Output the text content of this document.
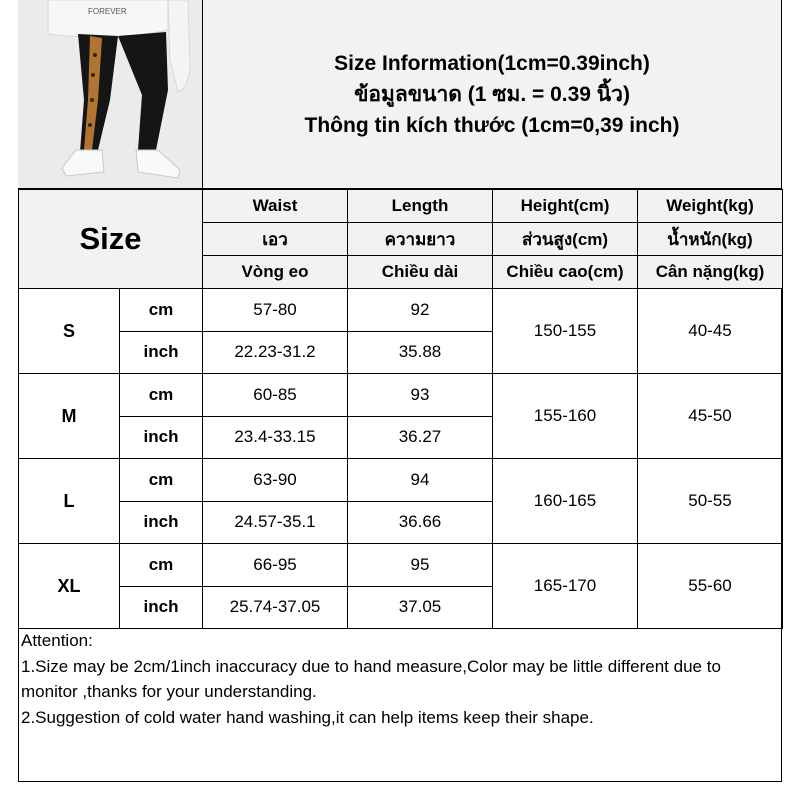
FOREVER
Size Information(1cm=0.39inch)
ข้อมูลขนาด (1 ซม. = 0.39 นิ้ว)
Thông tin kích thước (1cm=0,39 inch)
Size		Waist	Length	Height(cm)	Weight(kg)
		เอว	ความยาว	ส่วนสูง(cm)	น้ำหนัก(kg)
		Vòng eo	Chiều dài	Chiều cao(cm)	Cân nặng(kg)
S	cm	57-80	92	150-155	40-45
	inch	22.23-31.2	35.88		
M	cm	60-85	93	155-160	45-50
	inch	23.4-33.15	36.27		
L	cm	63-90	94	160-165	50-55
	inch	24.57-35.1	36.66		
XL	cm	66-95	95	165-170	55-60
	inch	25.74-37.05	37.05		
Attention:
1.Size may be 2cm/1inch inaccuracy due to hand measure,Color may be little different due to monitor ,thanks for your understanding.
2.Suggestion of cold water hand washing,it can help items keep their shape.
